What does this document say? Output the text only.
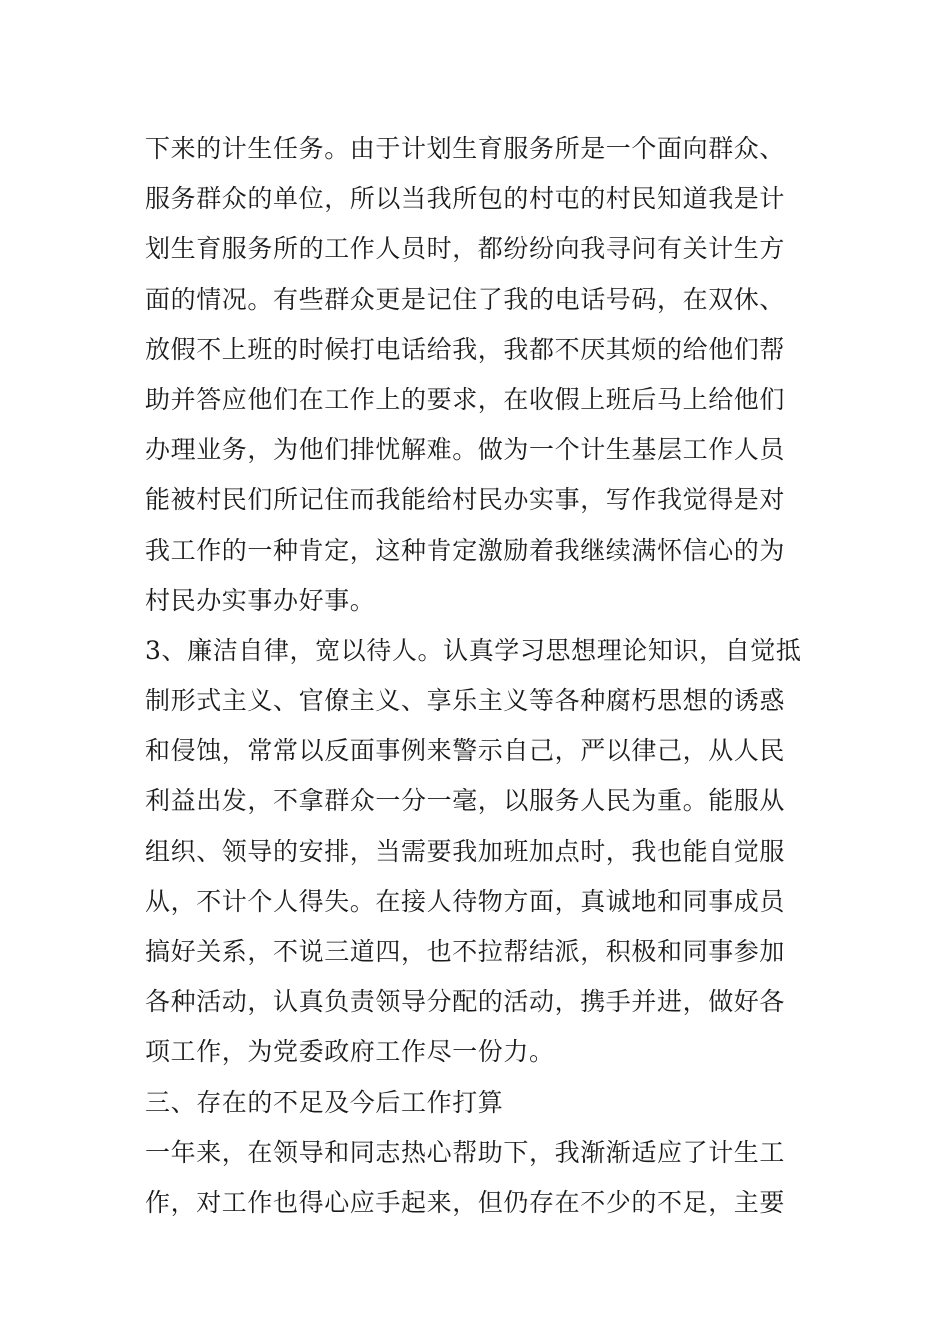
下来的计生任务。由于计划生育服务所是一个面向群众、
服务群众的单位，所以当我所包的村屯的村民知道我是计
划生育服务所的工作人员时，都纷纷向我寻问有关计生方
面的情况。有些群众更是记住了我的电话号码，在双休、
放假不上班的时候打电话给我，我都不厌其烦的给他们帮
助并答应他们在工作上的要求，在收假上班后马上给他们
办理业务，为他们排忧解难。做为一个计生基层工作人员
能被村民们所记住而我能给村民办实事，写作我觉得是对
我工作的一种肯定，这种肯定激励着我继续满怀信心的为
村民办实事办好事。
3、廉洁自律，宽以待人。认真学习思想理论知识，自觉抵
制形式主义、官僚主义、享乐主义等各种腐朽思想的诱惑
和侵蚀，常常以反面事例来警示自己，严以律己，从人民
利益出发，不拿群众一分一毫，以服务人民为重。能服从
组织、领导的安排，当需要我加班加点时，我也能自觉服
从，不计个人得失。在接人待物方面，真诚地和同事成员
搞好关系，不说三道四，也不拉帮结派，积极和同事参加
各种活动，认真负责领导分配的活动，携手并进，做好各
项工作，为党委政府工作尽一份力。
三、存在的不足及今后工作打算
一年来，在领导和同志热心帮助下，我渐渐适应了计生工
作，对工作也得心应手起来，但仍存在不少的不足，主要
